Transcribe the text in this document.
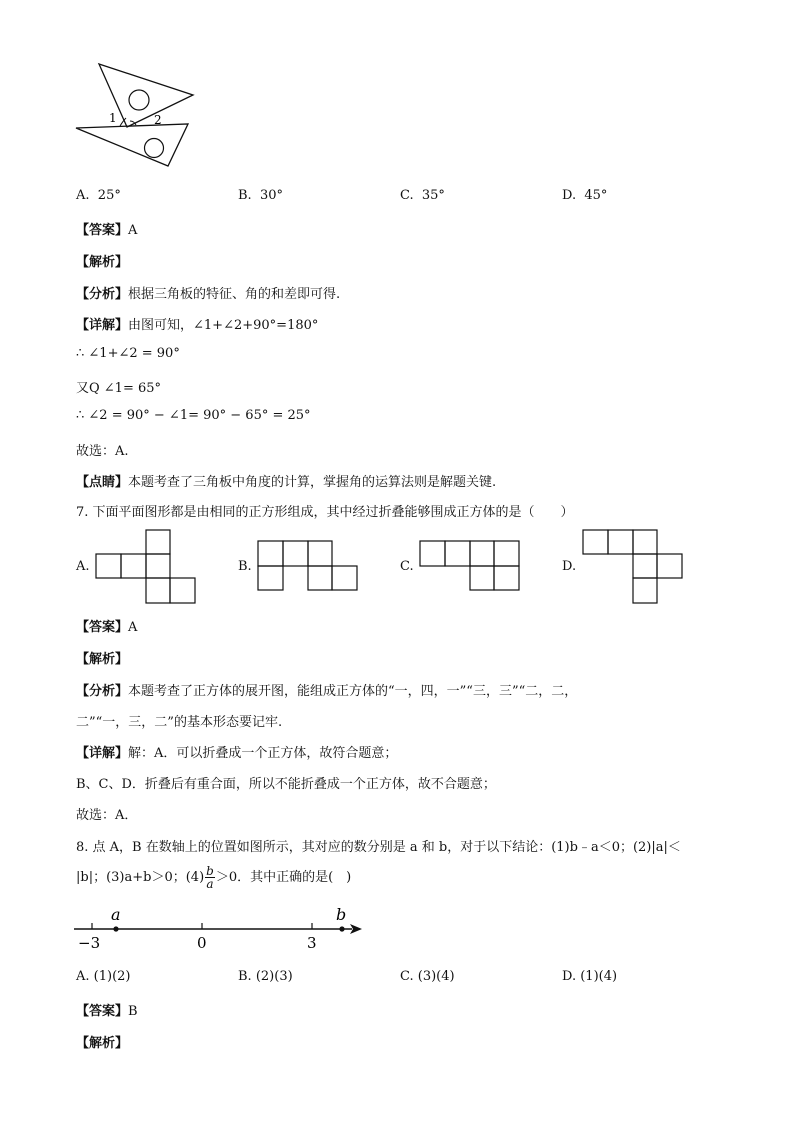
1	2
A. 25°	B. 30°	C. 35°	D. 45°
【答案】A
【解析】
【分析】根据三角板的特征、角的和差即可得.
【详解】由图可知，∠1+∠2+90°=180°
∴ ∠1+∠2 = 90°
又Q ∠1= 65°
∴ ∠2 = 90° − ∠1= 90° − 65° = 25°
故选：A.
【点睛】本题考查了三角板中角度的计算，掌握角的运算法则是解题关键.
7. 下面平面图形都是由相同的正方形组成，其中经过折叠能够围成正方体的是（　　）
A.	B.	C.	D.
【答案】A
【解析】
【分析】本题考查了正方体的展开图，能组成正方体的“一，四，一”“三，三”“二，二，
二”“一，三，二”的基本形态要记牢.
【详解】解：A．可以折叠成一个正方体，故符合题意；
B、C、D．折叠后有重合面，所以不能折叠成一个正方体，故不合题意；
故选：A．
8. 点 A，B 在数轴上的位置如图所示，其对应的数分别是 a 和 b，对于以下结论：(1)b﹣a＜0；(2)|a|＜
|b|；(3)a+b＞0；$(4) \frac{b}{a} >0$．其中正确的是(　)
a	b
−3	0	3
A. (1)(2)	B. (2)(3)	C. (3)(4)	D. (1)(4)
【答案】B
【解析】
